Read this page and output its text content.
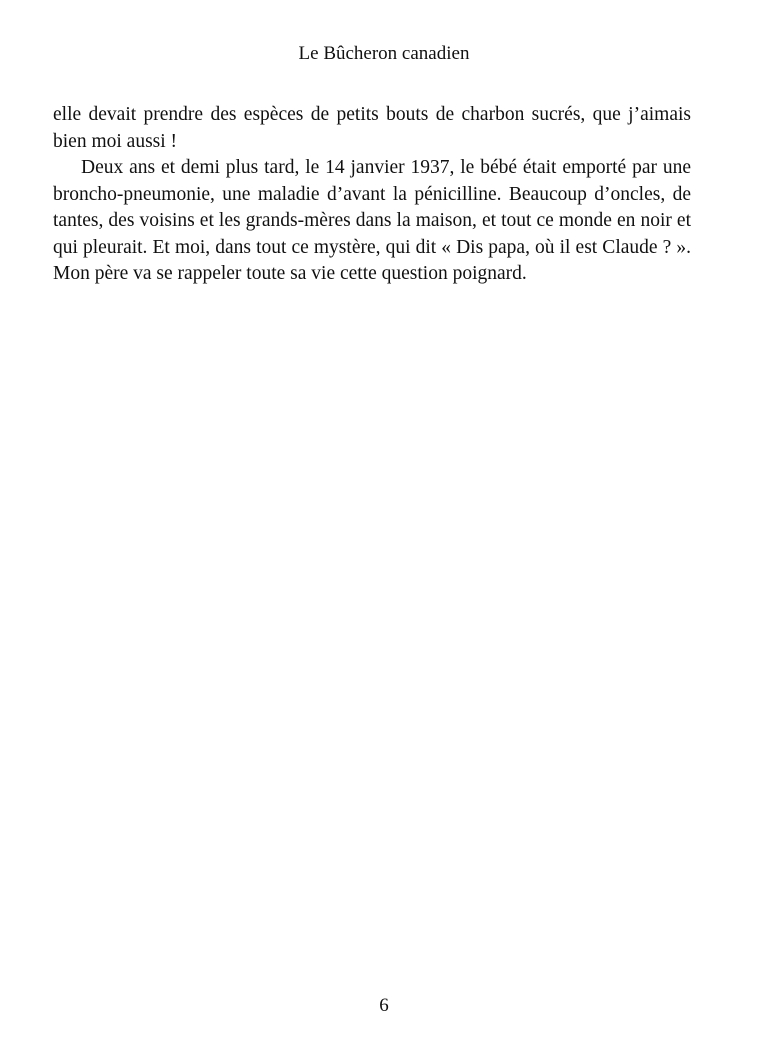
Le Bûcheron canadien

elle devait prendre des espèces de petits bouts de charbon sucrés, que j’aimais bien moi aussi !

Deux ans et demi plus tard, le 14 janvier 1937, le bébé était emporté par une broncho-pneumonie, une maladie d’avant la pénicilline. Beaucoup d’oncles, de tantes, des voisins et les grands-mères dans la maison, et tout ce monde en noir et qui pleurait. Et moi, dans tout ce mystère, qui dit « Dis papa, où il est Claude ? ». Mon père va se rappeler toute sa vie cette question poignard.

6
